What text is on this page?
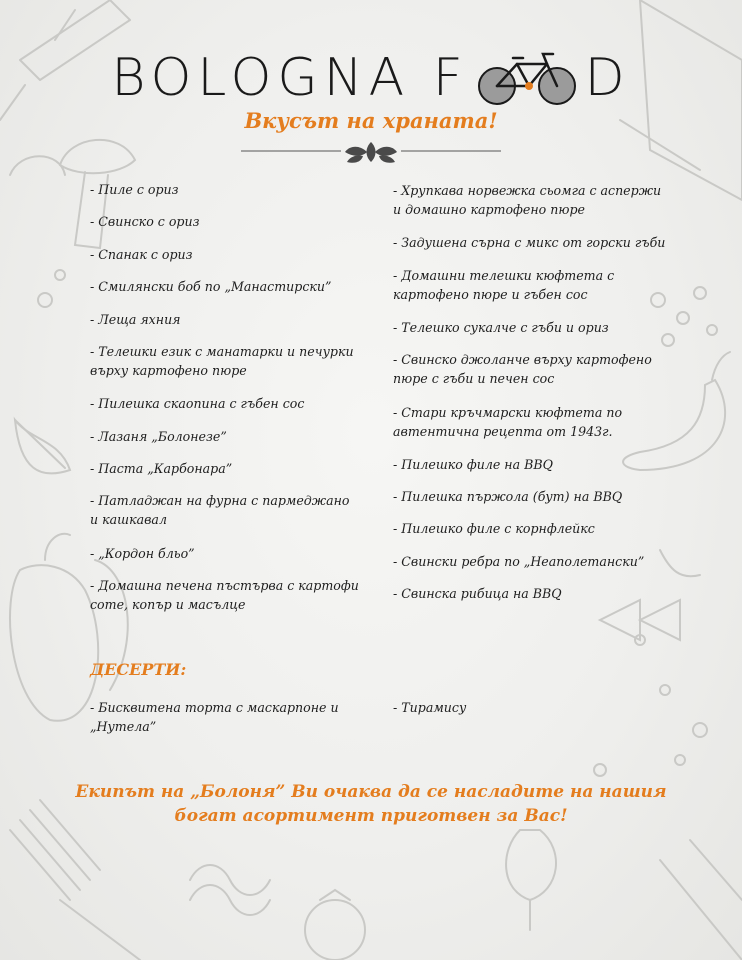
BOLOGNA F D
Вкусът на храната!
- Пиле с ориз
- Свинско с ориз
- Спанак с ориз
- Смилянски боб по „Манастирски”
- Леща яхния
- Телешки език с манатарки и печурки върху картофено пюре
- Пилешка скаопина с гъбен сос
- Лазаня „Болонезе”
- Паста „Карбонара”
- Патладжан на фурна с пармеджано и кашкавал
- „Кордон бльо”
- Домашна печена пъстърва с картофи соте, копър и масълце
- Хрупкава норвежка сьомга с аспержи и домашно картофено пюре
- Задушена сърна с микс от горски гъби
- Домашни телешки кюфтета с картофено пюре и гъбен сос
- Телешко сукалче с гъби и ориз
- Свинско джоланче върху картофено пюре с гъби и печен сос
- Стари кръчмарски кюфтета по автентична рецепта от 1943г.
- Пилешко филе на BBQ
- Пилешка пържола (бут) на BBQ
- Пилешко филе с корнфлейкс
- Свински ребра по „Неаполетански”
- Свинска рибица на BBQ
ДЕСЕРТИ:
- Бисквитена торта с маскарпоне и „Нутела”
- Тирамису
Екипът на „Болоня” Ви очаква да се насладите на нашия
богат асортимент приготвен за Вас!
